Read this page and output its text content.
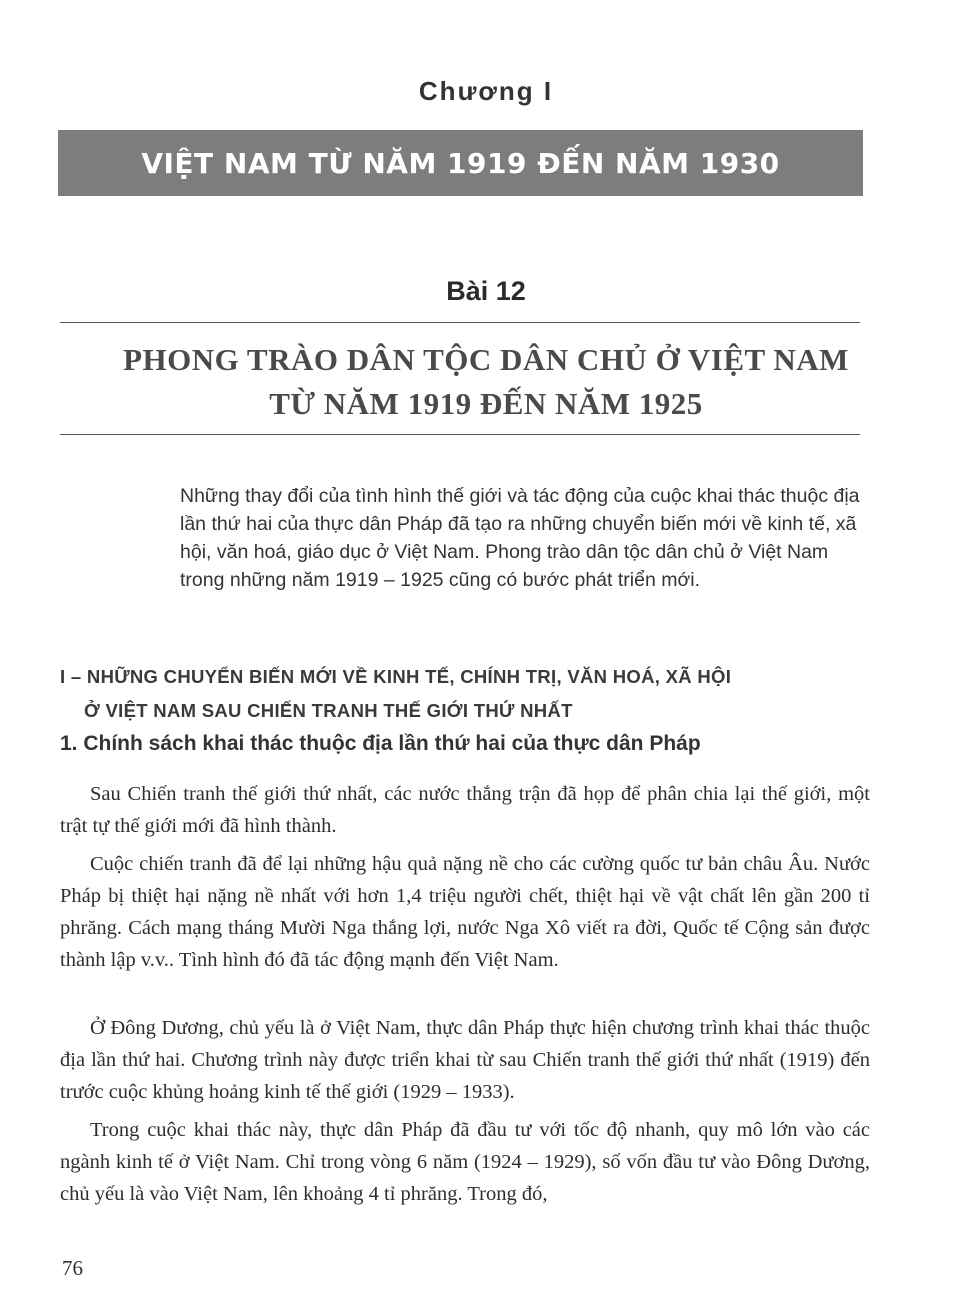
Chương I
VIỆT NAM TỪ NĂM 1919 ĐẾN NĂM 1930
Bài 12
PHONG TRÀO DÂN TỘC DÂN CHỦ Ở VIỆT NAM
TỪ NĂM 1919 ĐẾN NĂM 1925

Những thay đổi của tình hình thế giới và tác động của cuộc khai thác thuộc địa lần thứ hai của thực dân Pháp đã tạo ra những chuyển biến mới về kinh tế, xã hội, văn hoá, giáo dục ở Việt Nam. Phong trào dân tộc dân chủ ở Việt Nam trong những năm 1919 – 1925 cũng có bước phát triển mới.

I – NHỮNG CHUYỂN BIẾN MỚI VỀ KINH TẾ, CHÍNH TRỊ, VĂN HOÁ, XÃ HỘI
Ở VIỆT NAM SAU CHIẾN TRANH THẾ GIỚI THỨ NHẤT
1. Chính sách khai thác thuộc địa lần thứ hai của thực dân Pháp

Sau Chiến tranh thế giới thứ nhất, các nước thắng trận đã họp để phân chia lại thế giới, một trật tự thế giới mới đã hình thành.

Cuộc chiến tranh đã để lại những hậu quả nặng nề cho các cường quốc tư bản châu Âu. Nước Pháp bị thiệt hại nặng nề nhất với hơn 1,4 triệu người chết, thiệt hại về vật chất lên gần 200 tỉ phrăng. Cách mạng tháng Mười Nga thắng lợi, nước Nga Xô viết ra đời, Quốc tế Cộng sản được thành lập v.v.. Tình hình đó đã tác động mạnh đến Việt Nam.

Ở Đông Dương, chủ yếu là ở Việt Nam, thực dân Pháp thực hiện chương trình khai thác thuộc địa lần thứ hai. Chương trình này được triển khai từ sau Chiến tranh thế giới thứ nhất (1919) đến trước cuộc khủng hoảng kinh tế thế giới (1929 – 1933).

Trong cuộc khai thác này, thực dân Pháp đã đầu tư với tốc độ nhanh, quy mô lớn vào các ngành kinh tế ở Việt Nam. Chỉ trong vòng 6 năm (1924 – 1929), số vốn đầu tư vào Đông Dương, chủ yếu là vào Việt Nam, lên khoảng 4 tỉ phrăng. Trong đó,

76
